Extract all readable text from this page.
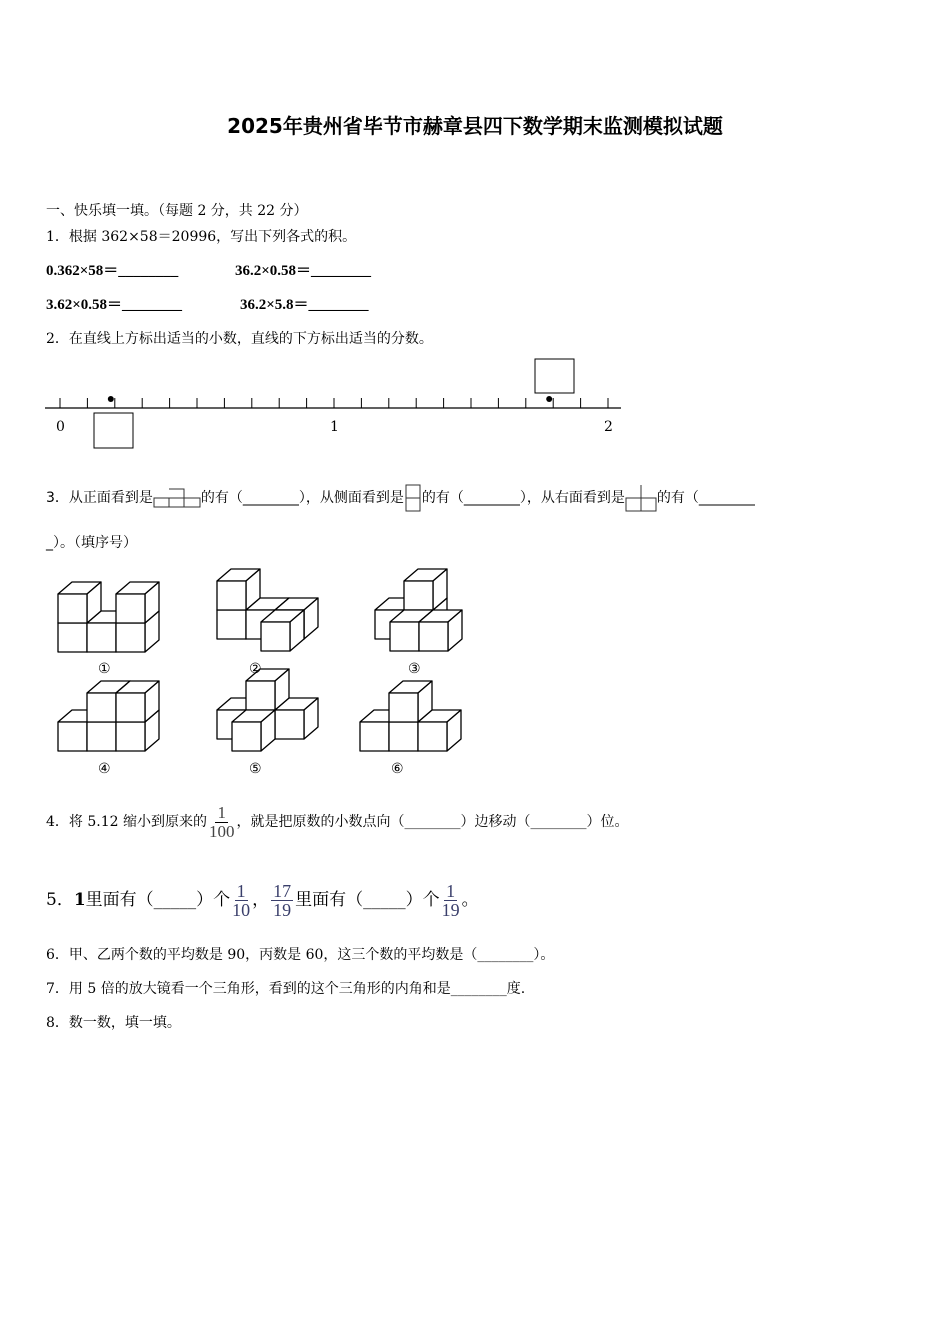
2025年贵州省毕节市赫章县四下数学期末监测模拟试题
一、快乐填一填。（每题 2 分，共 22 分）
1．根据 362×58＝20996，写出下列各式的积。
0.362×58＝________	36.2×0.58＝________
3.62×0.58＝________	36.2×5.8＝________
2．在直线上方标出适当的小数，直线的下方标出适当的分数。
0	1	2
3．从正面看到是	的有（________），从侧面看到是 的有（________），从右面看到是 的有（________
_）。（填序号）
①	②	③
④	⑤	⑥
4．将 5.12 缩小到原来的 $\frac{1}{100}$ ，就是把原数的小数点向（________）边移动（________）位。
5．1里面有（_____）个 $\frac{1}{10}$ ， $\frac{17}{19}$ 里面有（_____）个 $\frac{1}{19}$ 。
6．甲、乙两个数的平均数是 90，丙数是 60，这三个数的平均数是（________）。
7．用 5 倍的放大镜看一个三角形，看到的这个三角形的内角和是________度.
8．数一数，填一填。
